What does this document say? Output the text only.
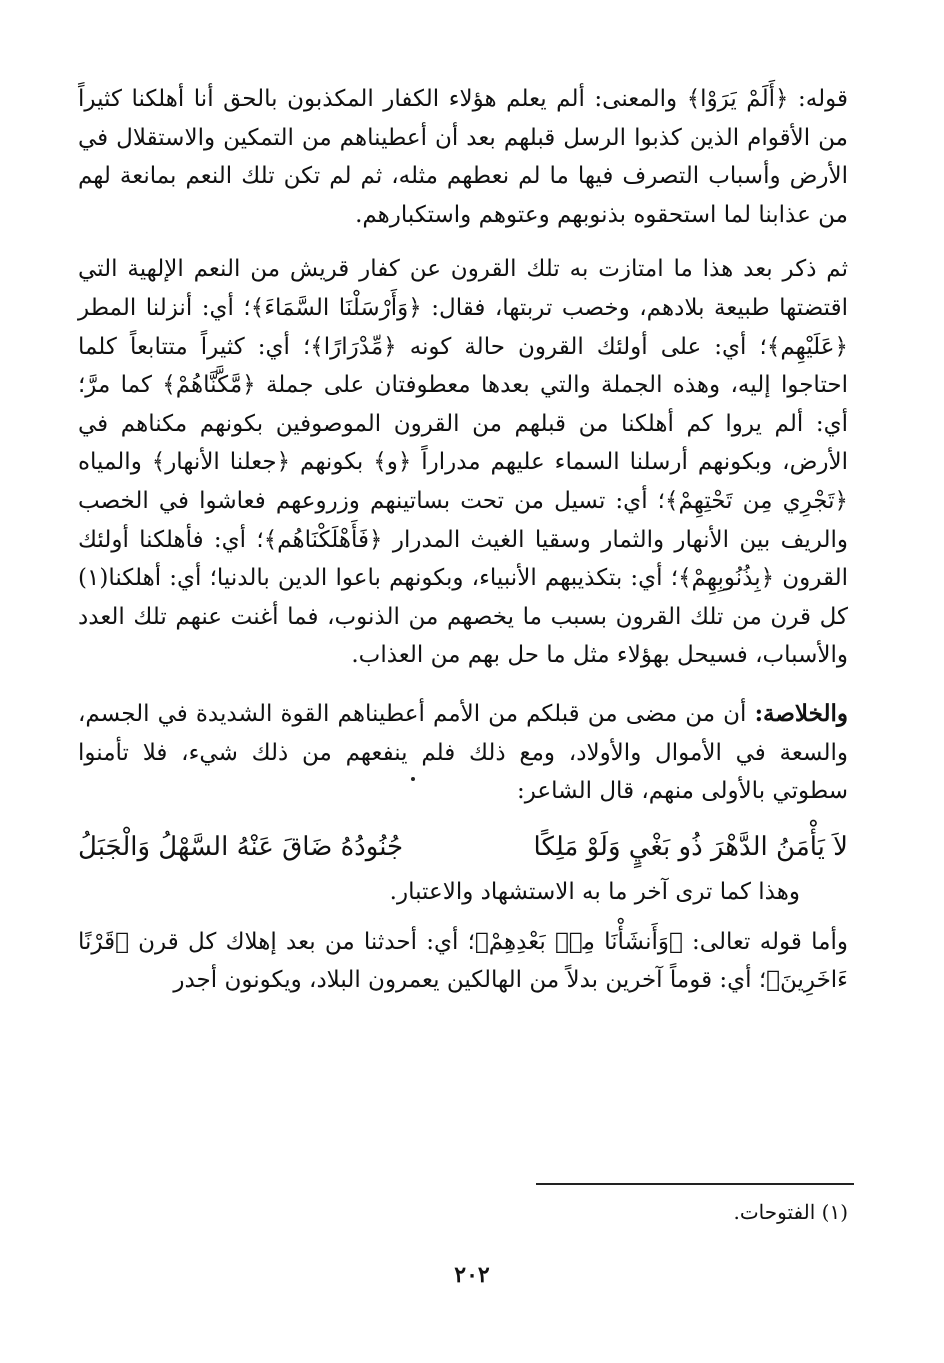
قوله: ﴿أَلَمْ يَرَوْا﴾ والمعنى: ألم يعلم هؤلاء الكفار المكذبون بالحق أنا أهلكنا كثيراً من الأقوام الذين كذبوا الرسل قبلهم بعد أن أعطيناهم من التمكين والاستقلال في الأرض وأسباب التصرف فيها ما لم نعطهم مثله، ثم لم تكن تلك النعم بمانعة لهم من عذابنا لما استحقوه بذنوبهم وعتوهم واستكبارهم.

ثم ذكر بعد هذا ما امتازت به تلك القرون عن كفار قريش من النعم الإلهية التي اقتضتها طبيعة بلادهم، وخصب تربتها، فقال: ﴿وَأَرْسَلْنَا السَّمَاءَ﴾؛ أي: أنزلنا المطر ﴿عَلَيْهِم﴾؛ أي: على أولئك القرون حالة كونه ﴿مِّدْرَارًا﴾؛ أي: كثيراً متتابعاً كلما احتاجوا إليه، وهذه الجملة والتي بعدها معطوفتان على جملة ﴿مَّكَّنَّاهُمْ﴾ كما مرَّ؛ أي: ألم يروا كم أهلكنا من قبلهم من القرون الموصوفين بكونهم مكناهم في الأرض، وبكونهم أرسلنا السماء عليهم مدراراً ﴿و﴾ بكونهم ﴿جعلنا الأنهار﴾ والمياه ﴿تَجْرِي مِن تَحْتِهِمْ﴾؛ أي: تسيل من تحت بساتينهم وزروعهم فعاشوا في الخصب والريف بين الأنهار والثمار وسقيا الغيث المدرار ﴿فَأَهْلَكْنَاهُم﴾؛ أي: فأهلكنا أولئك القرون ﴿بِذُنُوبِهِمْ﴾؛ أي: بتكذيبهم الأنبياء، وبكونهم باعوا الدين بالدنيا؛ أي: أهلكنا(١) كل قرن من تلك القرون بسبب ما يخصهم من الذنوب، فما أغنت عنهم تلك العدد والأسباب، فسيحل بهؤلاء مثل ما حل بهم من العذاب.

والخلاصة: أن من مضى من قبلكم من الأمم أعطيناهم القوة الشديدة في الجسم، والسعة في الأموال والأولاد، ومع ذلك فلم ينفعهم من ذلك شيء، فلا تأمنوا سطوتي بالأولى منهم، قال الشاعر:

لاَ يَأْمَنُ الدَّهْرَ ذُو بَغْيٍ وَلَوْ مَلِكًا
جُنُودُهُ ضَاقَ عَنْهُ السَّهْلُ وَالْجَبَلُ

وهذا كما ترى آخر ما به الاستشهاد والاعتبار.

وأما قوله تعالى: ﴿وَأَنشَأْنَا مِنۢ بَعْدِهِمْ﴾؛ أي: أحدثنا من بعد إهلاك كل قرن ﴿قَرْنًا ءَاخَرِينَ﴾؛ أي: قوماً آخرين بدلاً من الهالكين يعمرون البلاد، ويكونون أجدر

(١) الفتوحات.
٢٠٢
